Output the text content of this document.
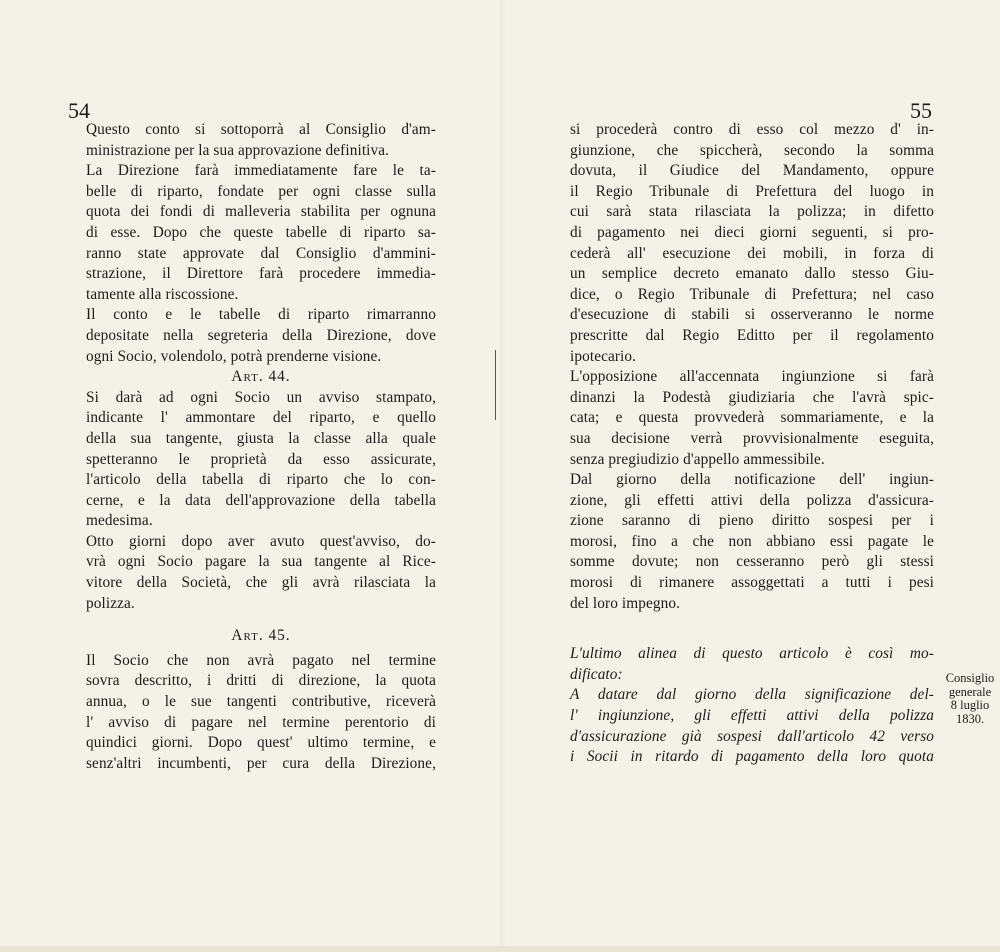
54	55
Questo conto si sottoporrà al Consiglio d'am-
ministrazione per la sua approvazione definitiva.
La Direzione farà immediatamente fare le ta-
belle di riparto, fondate per ogni classe sulla
quota dei fondi di malleveria stabilita per ognuna
di esse. Dopo che queste tabelle di riparto sa-
ranno state approvate dal Consiglio d'ammini-
strazione, il Direttore farà procedere immedia-
tamente alla riscossione.
Il conto e le tabelle di riparto rimarranno
depositate nella segreteria della Direzione, dove
ogni Socio, volendolo, potrà prenderne visione.
Art. 44.
Si darà ad ogni Socio un avviso stampato,
indicante l' ammontare del riparto, e quello
della sua tangente, giusta la classe alla quale
spetteranno le proprietà da esso assicurate,
l'articolo della tabella di riparto che lo con-
cerne, e la data dell'approvazione della tabella
medesima.
Otto giorni dopo aver avuto quest'avviso, do-
vrà ogni Socio pagare la sua tangente al Rice-
vitore della Società, che gli avrà rilasciata la
polizza.
Art. 45.
Il Socio che non avrà pagato nel termine
sovra descritto, i dritti di direzione, la quota
annua, o le sue tangenti contributive, riceverà
l' avviso di pagare nel termine perentorio di
quindici giorni. Dopo quest' ultimo termine, e
senz'altri incumbenti, per cura della Direzione,
si procederà contro di esso col mezzo d' in-
giunzione, che spiccherà, secondo la somma
dovuta, il Giudice del Mandamento, oppure
il Regio Tribunale di Prefettura del luogo in
cui sarà stata rilasciata la polizza; in difetto
di pagamento nei dieci giorni seguenti, si pro-
cederà all' esecuzione dei mobili, in forza di
un semplice decreto emanato dallo stesso Giu-
dice, o Regio Tribunale di Prefettura; nel caso
d'esecuzione di stabili si osserveranno le norme
prescritte dal Regio Editto per il regolamento
ipotecario.
L'opposizione all'accennata ingiunzione si farà
dinanzi la Podestà giudiziaria che l'avrà spic-
cata; e questa provvederà sommariamente, e la
sua decisione verrà provvisionalmente eseguita,
senza pregiudizio d'appello ammessibile.
Dal giorno della notificazione dell' ingiun-
zione, gli effetti attivi della polizza d'assicura-
zione saranno di pieno diritto sospesi per i
morosi, fino a che non abbiano essi pagate le
somme dovute; non cesseranno però gli stessi
morosi di rimanere assoggettati a tutti i pesi
del loro impegno.
L'ultimo alinea di questo articolo è così mo-
dificato:
A datare dal giorno della significazione del-
l' ingiunzione, gli effetti attivi della polizza
d'assicurazione già sospesi dall'articolo 42 verso
i Socii in ritardo di pagamento della loro quota
Consiglio
generale
8 luglio
1830.
